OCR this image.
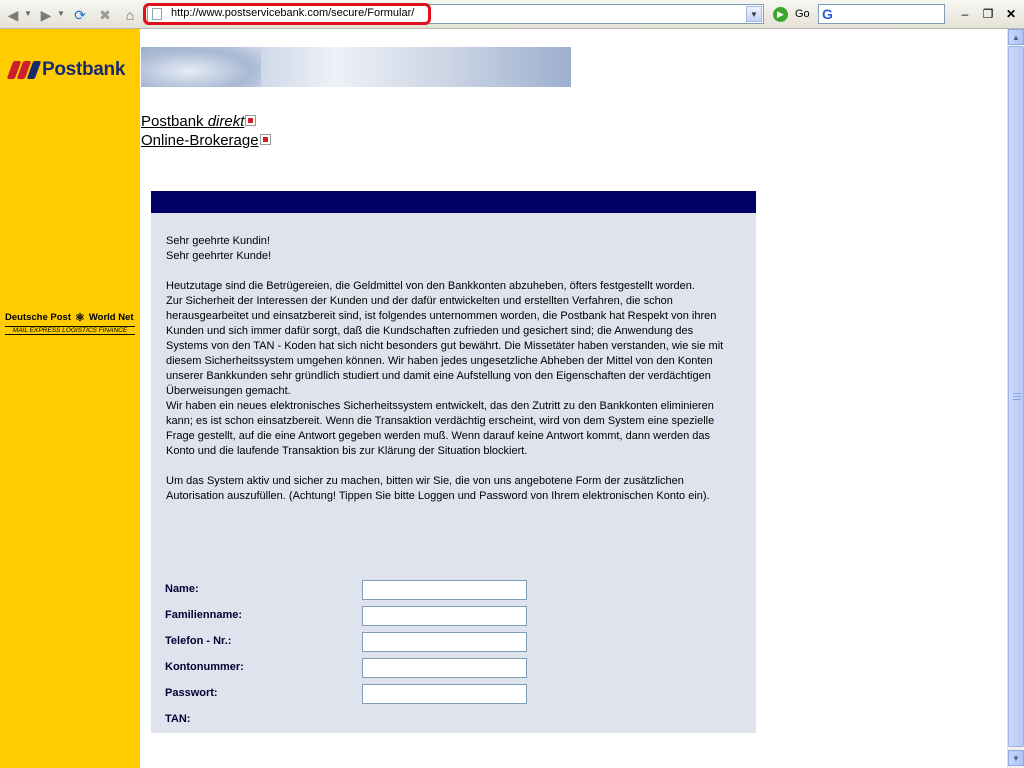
◀ ▼ ▶ ▼ ⟳ ✖	⌂	http://www.postservicebank.com/secure/Formular/	▼	▶	Go G	–	❐	✕
Postbank
Deutsche Post ⚛ World Net
MAIL EXPRESS LOGISTICS FINANCE
Postbank direkt
Online-Brokerage

Sehr geehrte Kundin!

Sehr geehrter Kunde!

Heutzutage sind die Betrügereien, die Geldmittel von den Bankkonten abzuheben, öfters festgestellt worden.

Zur Sicherheit der Interessen der Kunden und der dafür entwickelten und erstellten Verfahren, die schon herausgearbeitet und einsatzbereit sind, ist folgendes unternommen worden, die Postbank hat Respekt von ihren Kunden und sich immer dafür sorgt, daß die Kundschaften zufrieden und gesichert sind; die Anwendung des Systems von den TAN - Koden hat sich nicht besonders gut bewährt. Die Missetäter haben verstanden, wie sie mit diesem Sicherheitssystem umgehen können. Wir haben jedes ungesetzliche Abheben der Mittel von den Konten unserer Bankkunden sehr gründlich studiert und damit eine Aufstellung von den Eigenschaften der verdächtigen Überweisungen gemacht.

Wir haben ein neues elektronisches Sicherheitssystem entwickelt, das den Zutritt zu den Bankkonten eliminieren kann; es ist schon einsatzbereit. Wenn die Transaktion verdächtig erscheint, wird von dem System eine spezielle Frage gestellt, auf die eine Antwort gegeben werden muß. Wenn darauf keine Antwort kommt, dann werden das Konto und die laufende Transaktion bis zur Klärung der Situation blockiert.

Um das System aktiv und sicher zu machen, bitten wir Sie, die von uns angebotene Form der zusätzlichen Autorisation auszufüllen. (Achtung! Tippen Sie bitte Loggen und Password von Ihrem elektronischen Konto ein).

Name:
Familienname:
Telefon - Nr.:
Kontonummer:
Passwort:
TAN:
▲
▼
